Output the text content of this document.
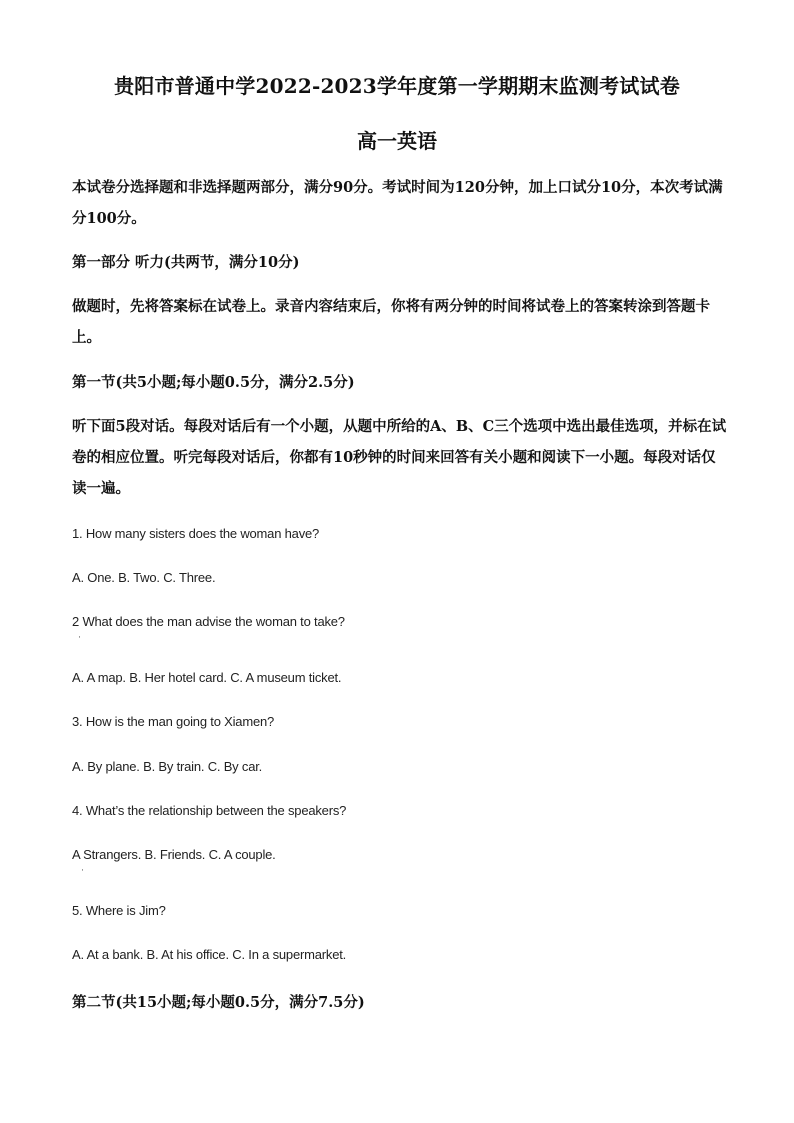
贵阳市普通中学2022-2023学年度第一学期期末监测考试试卷
高一英语
本试卷分选择题和非选择题两部分，满分90分。考试时间为120分钟，加上口试分10分，本次考试满分100分。
第一部分 听力(共两节，满分10分)
做题时，先将答案标在试卷上。录音内容结束后，你将有两分钟的时间将试卷上的答案转涂到答题卡上。
第一节(共5小题;每小题0.5分，满分2.5分)
听下面5段对话。每段对话后有一个小题，从题中所给的A、B、C三个选项中选出最佳选项，并标在试卷的相应位置。听完每段对话后，你都有10秒钟的时间来回答有关小题和阅读下一小题。每段对话仅读一遍。
1. How many sisters does the woman have?
A. One. B. Two. C. Three.
2 What does the man advise the woman to take?
·
A. A map. B. Her hotel card. C. A museum ticket.
3. How is the man going to Xiamen?
A. By plane. B. By train. C. By car.
4. What’s the relationship between the speakers?
A Strangers. B. Friends. C. A couple.
·
5. Where is Jim?
A. At a bank. B. At his office. C. In a supermarket.
第二节(共15小题;每小题0.5分，满分7.5分)
